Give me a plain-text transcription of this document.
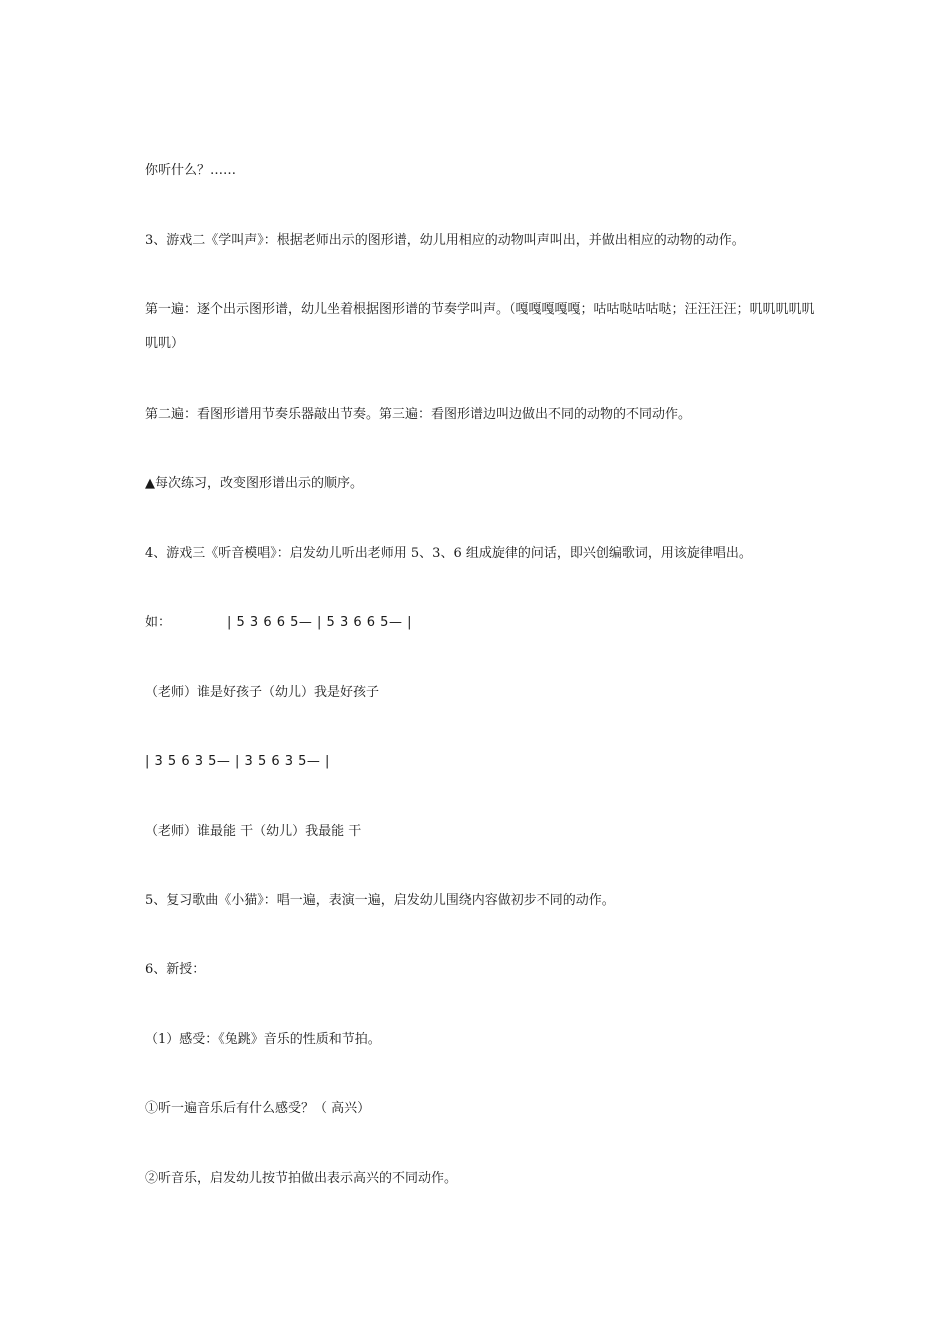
你听什么？……

3、游戏二《学叫声》：根据老师出示的图形谱，幼儿用相应的动物叫声叫出，并做出相应的动物的动作。

第一遍：逐个出示图形谱，幼儿坐着根据图形谱的节奏学叫声。（嘎嘎嘎嘎嘎；咕咕哒咕咕哒；汪汪汪汪；叽叽叽叽叽叽叽）

第二遍：看图形谱用节奏乐器敲出节奏。第三遍：看图形谱边叫边做出不同的动物的不同动作。

▲每次练习，改变图形谱出示的顺序。

4、游戏三《听音模唱》：启发幼儿听出老师用 5、3、6 组成旋律的问话，即兴创编歌词，用该旋律唱出。

如：	| 5 3 6 6 5— | 5 3 6 6 5— |

（老师）谁是好孩子（幼儿）我是好孩子

| 3 5 6 3 5— | 3 5 6 3 5— |

（老师）谁最能 干（幼儿）我最能 干

5、复习歌曲《小猫》：唱一遍，表演一遍，启发幼儿围绕内容做初步不同的动作。

6、新授：

（1）感受：《兔跳》音乐的性质和节拍。

①听一遍音乐后有什么感受？（ 高兴）

②听音乐，启发幼儿按节拍做出表示高兴的不同动作。
